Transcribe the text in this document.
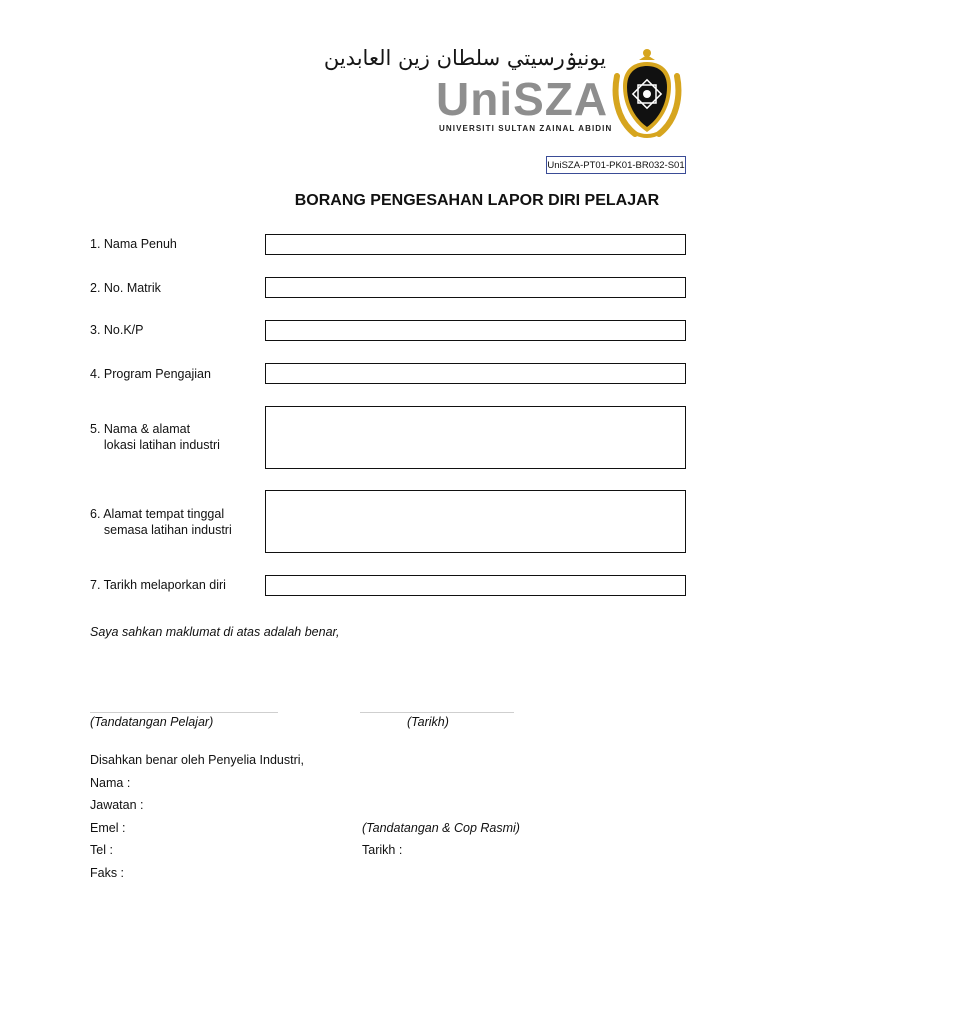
يونيۏرسيتي سلطان زين العابدين
UniSZA
UNIVERSITI SULTAN ZAINAL ABIDIN
UniSZA-PT01-PK01-BR032-S01
BORANG PENGESAHAN LAPOR DIRI PELAJAR
1. Nama Penuh
2. No. Matrik
3. No.K/P
4. Program Pengajian
5. Nama & alamat
lokasi latihan industri
6. Alamat tempat tinggal
semasa latihan industri
7. Tarikh melaporkan diri
Saya sahkan maklumat di atas adalah benar,
(Tandatangan Pelajar)	(Tarikh)
Disahkan benar oleh Penyelia Industri,
Nama :
Jawatan :
Emel :
Tel :
Faks :
(Tandatangan & Cop Rasmi)
Tarikh :
